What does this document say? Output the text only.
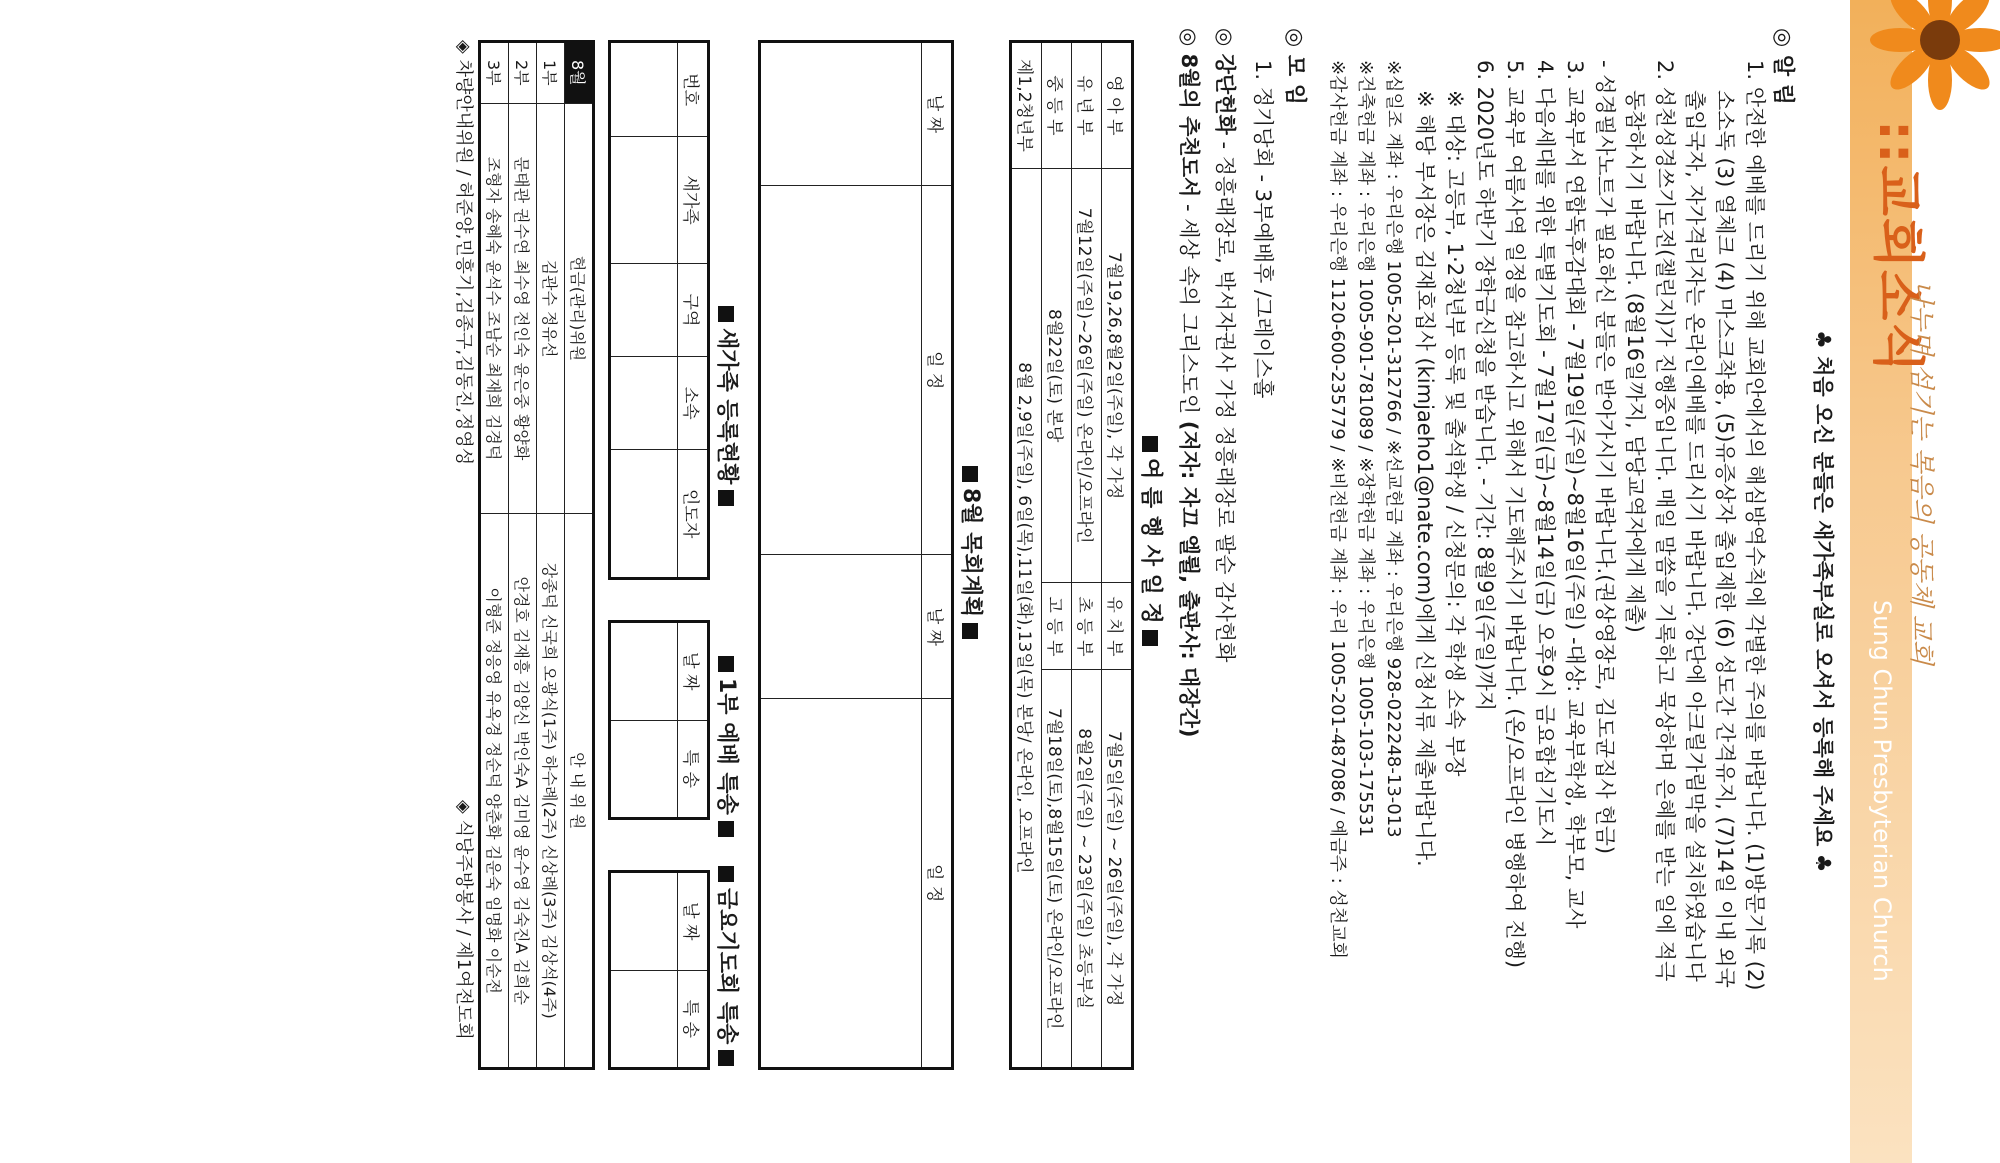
::교회소식
나누며 섬기는 복음의 공동체 교회
Sung Chun Presbyterian Church
♣ 처음 오신 분들은 새가족부실로 오셔서 등록해 주세요 ♣
◎ 알 림
1. 안전한 예배를 드리기 위해 교회안에서의 해심방역수칙에 각별한 주의를 바랍니다. (1)방문기록 (2)
소소독 (3) 열체크 (4) 마스크착용, (5)유증상자 출입제한 (6) 성도간 간격유지, (7)14일 이내 외국
출입국자, 자가격리자는 온라인예배를 드리시기 바랍니다. 강단에 아크릴가림막을 설치하였습니다
2. 성천성경쓰기도전(챌린지)가 진행중입니다. 매일 말씀을 기록하고 묵상하며 은혜를 받는 일에 적극
동참하시기 바랍니다. (8월16일까지, 담당교역자에게 제출)
- 성경필사노트가 필요하신 분들은 받아가시기 바랍니다.(권상영장로, 김도균집사 헌금)
3. 교육부서 연합독후감대회 - 7월19일(주일)~8월16일(주일) -대상: 교육부학생, 학부모, 교사
4. 다음세대를 위한 특별기도회 - 7월17일(금)~8월14일(금) 오후9시 금요합심기도시
5. 교육부 여름사역 일정을 참고하시고 위해서 기도해주시기 바랍니다. (온/오프라인 병행하여 진행)
6. 2020년도 하반기 장학금신청을 받습니다. - 기간: 8월9일(주일)까지
※ 대상: 고등부, 1·2청년부 등록 및 출석학생 / 신청문의: 각 학생 소속 부장
※ 해당 부서장은 김재호집사 (kimjaeho1@nate.com)에게 신청서류 제출바랍니다.
※십일조 계좌 : 우리은행 1005-201-312766 / ※선교헌금 계좌 : 우리은행 928-022248-13-013
※건축헌금 계좌 : 우리은행 1005-901-781089 / ※장학헌금 계좌 : 우리은행 1005-103-175531
※감사헌금 계좌 : 우리은행 1120-600-235779 / ※비전헌금 계좌 : 우리 1005-201-487086 / 예금주 : 성천교회
◎ 모 임
1. 정기당회 - 3부예배후 /그레이스홀
◎ 강단헌화 - 정흥래장로, 박서자권사 가정 정흥래장로 팔순 감사헌화
◎ 8월의 추천도서 - 세상 속의 그리스도인 (저자: 자끄 엘륄, 출판사: 대장간)
여 름 행 사 일 정
영 아 부	7월19,26,8월2일(주일), 각 가정	유 치 부	7월5일(주일) ~ 26일(주일), 각 가정
유 년 부	7월12일(주일)~26일(주일) 온라인/오프라인	초 등 부	8월2일(주일) ~ 23일(주일) 초등부실
중 등 부	8월22일(토) 본당	고 등 부	7월18일(토),8월15일(토) 온라인/오프라인
제1,2청년부	8월 2,9일(주일), 6일(목),11일(화),13일(목) 본당/ 온라인, 오프라인		
8월 목회계획
날 짜	일 정	날 짜	일 정

새가족 등록현황
번호	새가족	구역	소속	인도자

1부 예배 특송
날 짜	특 송

금요기도회 특송
날 짜	특 송

8월	헌금(관리)위원	안 내 위 원
1부	김관수 정유선	강종덕 신국희 오광식(1주) 하수례(2주) 신상례(3주) 김상석(4주)
2부	문태관 권수연 최수영 전인숙 윤은중 황양화	안경호 김재흥 김양신 박인숙A 김미영 윤수영 김숙진A 김희순
3부	조형자 송혜숙 윤석수 조남순 최재희 김경덕	이형준 정응영 유옥경 정순덕 양춘화 김운숙 임명화 이순전
◈ 차량안내위원 / 허준양,민흥기,김종구,김동진,정영성
◈ 식당주방봉사 / 제1여전도회
